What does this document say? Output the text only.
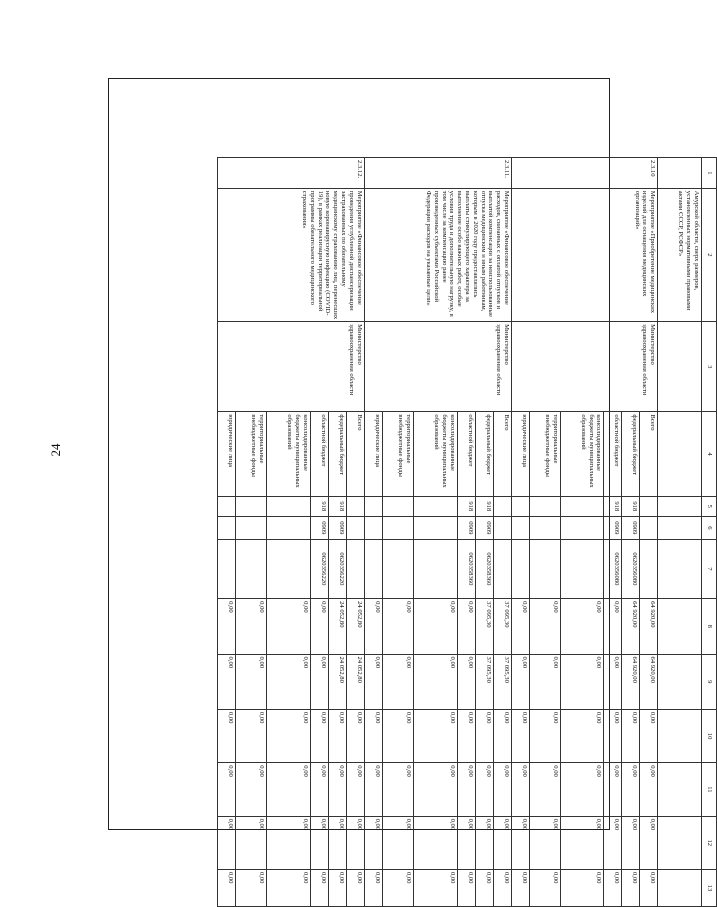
24
1	2	3	4	5	6	7	8	9	10	11	12	13
	Амурской области, сверх размеров, установленных нормативными правовыми актами СССР, РСФСР»											
2.3.10	Мероприятие «Приобретение медицинских изделий для оснащения медицинских организаций»	Министерство здравоохранения области	Всего				64 920,00	64 920,00	0,00	0,00	0,00	0,00
			федеральный бюджет	918	0909	0620356080	64 920,00	64 920,00	0,00	0,00	0,00	0,00
			областной бюджет	918	0909	0620356080	0,00	0,00	0,00	0,00	0,00	0,00
			консолидированные бюджеты муниципальных образований				0,00	0,00	0,00	0,00	0,00	0,00
			территориальные внебюджетные фонды				0,00	0,00	0,00	0,00	0,00	0,00
			юридические лица				0,00	0,00	0,00	0,00	0,00	0,00
2.3.11.	Мероприятие «Финансовое обеспечение расходов, связанных с оплатой отпусков и выплатой компенсации за неиспользованные отпуска медицинским и иным работникам, которым в 2020 году предоставлялись выплаты стимулирующего характера за выполнение особо важных работ, особые условия труда и дополнительную нагрузку, в том числе за компенсацию ранее произведенных субъектами Российской Федерации расходов на указанные цели»	Министерство здравоохранения области	Всего				37 095,30	37 095,30	0,00	0,00	0,00	0,00
			федеральный бюджет	918	0909	0620358360	37 095,30	37 095,30	0,00	0,00	0,00	0,00
			областной бюджет	918	0909	0620358360	0,00	0,00	0,00	0,00	0,00	0,00
			консолидированные бюджеты муниципальных образований				0,00	0,00	0,00	0,00	0,00	0,00
			территориальные внебюджетные фонды				0,00	0,00	0,00	0,00	0,00	0,00
			юридические лица				0,00	0,00	0,00	0,00	0,00	0,00
2.3.12.	Мероприятие «Финансовое обеспечение проведения углубленной диспансеризации застрахованных по обязательному медицинскому страхованию лиц, перенесших новую коронавирусную инфекцию (COVID-19), в рамках реализации территориальной программы обязательного медицинского страхования»	Министерство здравоохранения области	Всего				24 052,80	24 052,80	0,00	0,00	0,00	0,00
			федеральный бюджет	918	0909	0620356220	24 052,80	24 052,80	0,00	0,00	0,00	0,00
			областной бюджет	918	0909	0620356220	0,00	0,00	0,00	0,00	0,00	0,00
			консолидированные бюджеты муниципальных образований				0,00	0,00	0,00	0,00	0,00	0,00
			территориальные внебюджетные фонды				0,00	0,00	0,00	0,00	0,00	0,00
			юридические лица				0,00	0,00	0,00	0,00	0,00	0,00
